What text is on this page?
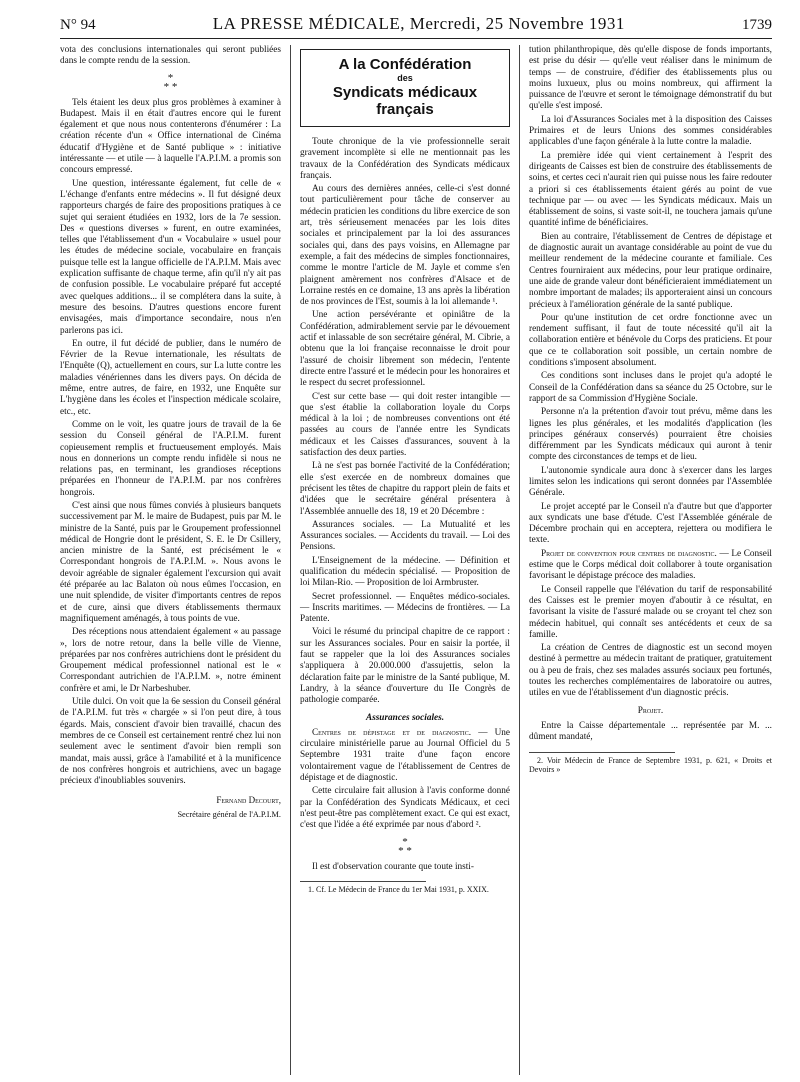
N° 94	LA PRESSE MÉDICALE, Mercredi, 25 Novembre 1931	1739

vota des conclusions internationales qui seront publiées dans le compte rendu de la session.

*
* *

Tels étaient les deux plus gros problèmes à examiner à Budapest. Mais il en était d'autres encore qui le furent également et que nous nous contenterons d'énumérer : La création récente d'un « Office international de Cinéma éducatif d'Hygiène et de Santé publique » : initiative intéressante — et utile — à laquelle l'A.P.I.M. a promis son concours empressé.

Une question, intéressante également, fut celle de « L'échange d'enfants entre médecins ». Il fut désigné deux rapporteurs chargés de faire des propositions pratiques à ce sujet qui seraient étudiées en 1932, lors de la 7e session. Des « questions diverses » furent, en outre examinées, telles que l'établissement d'un « Vocabulaire » usuel pour les études de médecine sociale, vocabulaire en français puisque telle est la langue officielle de l'A.P.I.M. Mais avec explication suffisante de chaque terme, afin qu'il n'y ait pas de confusion possible. Le vocabulaire préparé fut accepté avec quelques additions... il se complétera dans la suite, à mesure des besoins. D'autres questions encore furent envisagées, mais d'importance secondaire, nous n'en parlerons pas ici.

En outre, il fut décidé de publier, dans le numéro de Février de la Revue internationale, les résultats de l'Enquête (Q), actuellement en cours, sur La lutte contre les maladies vénériennes dans les divers pays. On décida de même, entre autres, de faire, en 1932, une Enquête sur L'hygiène dans les écoles et l'inspection médicale scolaire, etc., etc.

Comme on le voit, les quatre jours de travail de la 6e session du Conseil général de l'A.P.I.M. furent copieusement remplis et fructueusement employés. Mais nous en donnerions un compte rendu infidèle si nous ne relations pas, en terminant, les grandioses réceptions préparées en l'honneur de l'A.P.I.M. par nos confrères hongrois.

C'est ainsi que nous fûmes conviés à plusieurs banquets successivement par M. le maire de Budapest, puis par M. le ministre de la Santé, puis par le Groupement professionnel médical de Hongrie dont le président, S. E. le Dr Csillery, ancien ministre de la Santé, est précisément le « Correspondant hongrois de l'A.P.I.M. ». Nous avons le devoir agréable de signaler également l'excursion qui avait été préparée au lac Balaton où nous eûmes l'occasion, en une nuit splendide, de visiter d'importants centres de repos et de cure, ainsi que divers établissements thermaux magnifiquement aménagés, à tous points de vue.

Des réceptions nous attendaient également « au passage », lors de notre retour, dans la belle ville de Vienne, préparées par nos confrères autrichiens dont le président du Groupement médical professionnel national est le « Correspondant autrichien de l'A.P.I.M. », notre éminent confrère et ami, le Dr Narbeshuber.

Utile dulci. On voit que la 6e session du Conseil général de l'A.P.I.M. fut très « chargée » si l'on peut dire, à tous égards. Mais, conscient d'avoir bien travaillé, chacun des membres de ce Conseil est certainement rentré chez lui non seulement avec le sentiment d'avoir bien rempli son mandat, mais aussi, grâce à l'amabilité et à la munificence de nos confrères hongrois et autrichiens, avec un bagage précieux d'inoubliables souvenirs.

Fernand Decourt,

Secrétaire général de l'A.P.I.M.

A la Confédération
des
Syndicats médicaux français

Toute chronique de la vie professionnelle serait gravement incomplète si elle ne mentionnait pas les travaux de la Confédération des Syndicats médicaux français.

Au cours des dernières années, celle-ci s'est donné tout particulièrement pour tâche de conserver au médecin praticien les conditions du libre exercice de son art, très sérieusement menacées par les lois dites sociales et principalement par la loi des assurances sociales qui, dans des pays voisins, en Allemagne par exemple, a fait des médecins de simples fonctionnaires, comme le montre l'article de M. Jayle et comme s'en plaignent amèrement nos confrères d'Alsace et de Lorraine restés en ce domaine, 13 ans après la libération de nos provinces de l'Est, soumis à la loi allemande ¹.

Une action persévérante et opiniâtre de la Confédération, admirablement servie par le dévouement actif et inlassable de son secrétaire général, M. Cibrie, a obtenu que la loi française reconnaisse le droit pour l'assuré de choisir librement son médecin, l'entente directe entre l'assuré et le médecin pour les honoraires et le respect du secret professionnel.

C'est sur cette base — qui doit rester intangible — que s'est établie la collaboration loyale du Corps médical à la loi ; de nombreuses conventions ont été passées au cours de l'année entre les Syndicats médicaux et les Caisses d'assurances, souvent à la satisfaction des deux parties.

Là ne s'est pas bornée l'activité de la Confédération; elle s'est exercée en de nombreux domaines que précisent les têtes de chapitre du rapport plein de faits et d'idées que le secrétaire général présentera à l'Assemblée annuelle des 18, 19 et 20 Décembre :

Assurances sociales. — La Mutualité et les Assurances sociales. — Accidents du travail. — Loi des Pensions.

L'Enseignement de la médecine. — Définition et qualification du médecin spécialisé. — Proposition de loi Milan-Rio. — Proposition de loi Armbruster.

Secret professionnel. — Enquêtes médico-sociales. — Inscrits maritimes. — Médecins de frontières. — La Patente.

Voici le résumé du principal chapitre de ce rapport : sur les Assurances sociales. Pour en saisir la portée, il faut se rappeler que la loi des Assurances sociales s'appliquera à 20.000.000 d'assujettis, selon la déclaration faite par le ministre de la Santé publique, M. Landry, à la séance d'ouverture du IIe Congrès de pathologie comparée.

Assurances sociales.

Centres de dépistage et de diagnostic. — Une circulaire ministérielle parue au Journal Officiel du 5 Septembre 1931 traite d'une façon encore volontairement vague de l'établissement de Centres de dépistage et de diagnostic.

Cette circulaire fait allusion à l'avis conforme donné par la Confédération des Syndicats Médicaux, et ceci n'est peut-être pas complètement exact. Ce qui est exact, c'est que l'idée a été exprimée par nous d'abord ².

*
* *

Il est d'observation courante que toute insti-

1. Cf. Le Médecin de France du 1er Mai 1931, p. XXIX.

tution philanthropique, dès qu'elle dispose de fonds importants, est prise du désir — qu'elle veut réaliser dans le minimum de temps — de construire, d'édifier des établissements plus ou moins luxueux, plus ou moins nombreux, qui affirment la puissance de l'œuvre et seront le témoignage démonstratif du but qu'elle s'est imposé.

La loi d'Assurances Sociales met à la disposition des Caisses Primaires et de leurs Unions des sommes considérables applicables d'une façon générale à la lutte contre la maladie.

La première idée qui vient certainement à l'esprit des dirigeants de Caisses est bien de construire des établissements de soins, et certes ceci n'aurait rien qui puisse nous les faire redouter a priori si ces établissements étaient gérés au point de vue technique par — ou avec — les Syndicats médicaux. Mais un établissement de soins, si vaste soit-il, ne touchera jamais qu'une quantité infime de bénéficiaires.

Bien au contraire, l'établissement de Centres de dépistage et de diagnostic aurait un avantage considérable au point de vue du meilleur rendement de la médecine courante et familiale. Ces Centres fourniraient aux médecins, pour leur pratique ordinaire, une aide de grande valeur dont bénéficieraient immédiatement un nombre important de malades; ils apporteraient ainsi un concours précieux à l'amélioration générale de la santé publique.

Pour qu'une institution de cet ordre fonctionne avec un rendement suffisant, il faut de toute nécessité qu'il ait la collaboration entière et bénévole du Corps des praticiens. Et pour que ce te collaboration soit possible, un certain nombre de conditions s'imposent absolument.

Ces conditions sont incluses dans le projet qu'a adopté le Conseil de la Confédération dans sa séance du 25 Octobre, sur le rapport de sa Commission d'Hygiène Sociale.

Personne n'a la prétention d'avoir tout prévu, même dans les lignes les plus générales, et les modalités d'application (les principes généraux conservés) pourraient être choisies différemment par les Syndicats médicaux qui auront à tenir compte des circonstances de temps et de lieu.

L'autonomie syndicale aura donc à s'exercer dans les larges limites selon les indications qui seront données par l'Assemblée Générale.

Le projet accepté par le Conseil n'a d'autre but que d'apporter aux syndicats une base d'étude. C'est l'Assemblée générale de Décembre prochain qui en acceptera, rejettera ou modifiera le texte.

Projet de convention pour centres de diagnostic. — Le Conseil estime que le Corps médical doit collaborer à toute organisation favorisant le dépistage précoce des maladies.

Le Conseil rappelle que l'élévation du tarif de responsabilité des Caisses est le premier moyen d'aboutir à ce résultat, en favorisant la visite de l'assuré malade ou se croyant tel chez son médecin habituel, qui connaît ses antécédents et ceux de sa famille.

La création de Centres de diagnostic est un second moyen destiné à permettre au médecin traitant de pratiquer, gratuitement ou à peu de frais, chez ses malades assurés sociaux peu fortunés, toutes les recherches complémentaires de laboratoire ou autres, utiles en vue de l'établissement d'un diagnostic précis.

Projet.

Entre la Caisse départementale ... représentée par M. ... dûment mandaté,

2. Voir Médecin de France de Septembre 1931, p. 621, « Droits et Devoirs »
